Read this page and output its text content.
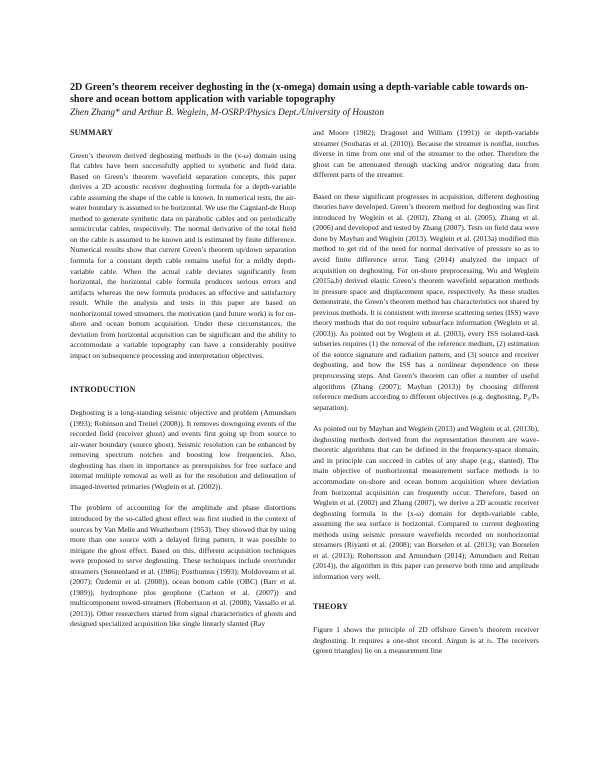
2D Green’s theorem receiver deghosting in the (x-omega) domain using a depth-variable cable towards on-shore and ocean bottom application with variable topography

Zhen Zhang* and Arthur B. Weglein, M-OSRP/Physics Dept./University of Houston

SUMMARY

Green’s theorem derived deghosting methods in the (x-ω) domain using flat cables have been successfully applied to synthetic and field data. Based on Green’s theorem wavefield separation concepts, this paper derives a 2D acoustic receiver deghosting formula for a depth-variable cable assuming the shape of the cable is known. In numerical tests, the air-water boundary is assumed to be horizontal. We use the Cagniard-de Hoop method to generate synthetic data on parabolic cables and on periodically semicircular cables, respectively. The normal derivative of the total field on the cable is assumed to be known and is estimated by finite difference. Numerical results show that current Green’s theorem up/down separation formula for a constant depth cable remains useful for a mildly depth-variable cable. When the actual cable deviates significantly from horizontal, the horizontal cable formula produces serious errors and artifacts whereas the new formula produces an effective and satisfactory result. While the analysis and tests in this paper are based on nonhorizontal towed streamers, the motivation (and future work) is for on-shore and ocean bottom acquisition. Under these circumstances, the deviation from horizontal acquisition can be significant and the ability to accommodate a variable topography can have a considerably positive impact on subsequence processing and interpretation objectives.

INTRODUCTION

Deghosting is a long-standing seismic objective and problem (Amundsen (1993); Robinson and Treitel (2008)). It removes downgoing events of the recorded field (receiver ghost) and events first going up from source to air-water boundary (source ghost). Seismic resolution can be enhanced by removing spectrum notches and boosting low frequencies. Also, deghosting has risen in importance as prerequisites for free surface and internal multiple removal as well as for the resolution and delineation of imaged-inverted primaries (Weglein et al. (2002)).

The problem of accounting for the amplitude and phase distortions introduced by the so-called ghost effect was first studied in the context of sources by Van Melle and Weatherburn (1953). They showed that by using more than one source with a delayed firing pattern, it was possible to mitigate the ghost effect. Based on this, different acquisition techniques were proposed to serve deghosting. These techniques include over/under streamers (Sennenland et al. (1986); Posthumus (1993); Moldoveanu et al. (2007); Özdemir et al. (2008)), ocean bottom cable (OBC) (Barr et al. (1989)), hydrophone plus geophone (Carlson et al. (2007)) and multicomponent towed-streamers (Robertsson et al. (2008); Vassallo et al. (2013)). Other researchers started from signal characteristics of ghosts and designed specialized acquisition like single linearly slanted (Ray

and Moore (1982); Dragoset and William (1991)) or depth-variable streamer (Soubaras et al. (2010)). Because the streamer is nonflat, notches diverse in time from one end of the streamer to the other. Therefore the ghost can be attenuated through stacking and/or migrating data from different parts of the streamer.

Based on these significant progresses in acquisition, different deghosting theories have developed. Green’s theorem method for deghosting was first introduced by Weglein et al. (2002), Zhang et al. (2005), Zhang et al. (2006) and developed and tested by Zhang (2007). Tests on field data were done by Mayhan and Weglein (2013). Weglein et al. (2013a) modified this method to get rid of the need for normal derivative of pressure so as to avoid finite difference error. Tang (2014) analyzed the impact of acquisition on deghosting. For on-shore preprocessing, Wu and Weglein (2015a,b) derived elastic Green’s theorem wavefield separation methods in pressure space and displacement space, respectively. As these studies demonstrate, the Green’s theorem method has characteristics not shared by previous methods. It is consistent with inverse scattering series (ISS) wave theory methods that do not require subsurface information (Weglein et al. (2003)). As pointed out by Weglein et al. (2003), every ISS isolated-task subseries requires (1) the removal of the reference medium, (2) estimation of the source signature and radiation pattern, and (3) source and receiver deghosting, and how the ISS has a nonlinear dependence on these preprocessing steps. And Green’s theorem can offer a number of useful algorithms (Zhang (2007); Mayhan (2013)) by choosing different reference medium according to different objectives (e.g. deghosting, P₀/Pₛ separation).

As pointed out by Mayhan and Weglein (2013) and Weglein et al. (2013b), deghosting methods derived from the representation theorem are wave-theoretic algorithms that can be defined in the frequency-space domain, and in principle can succeed in cables of any shape (e.g., slanted). The main objective of nonhorizontal measurement surface methods is to accommodate on-shore and ocean bottom acquisition where deviation from horizontal acquisition can frequently occur. Therefore, based on Weglein et al. (2002) and Zhang (2007), we derive a 2D acoustic receiver deghosting formula in the (x-ω) domain for depth-variable cable, assuming the sea surface is horizontal. Compared to current deghosting methods using seismic pressure wavefields recorded on nonhorizontal streamers (Riyanti et al. (2008); van Borselen et al. (2013); van Borselen et al. (2013); Robertsson and Amundsen (2014); Amundsen and Reitan (2014)), the algorithm in this paper can preserve both time and amplitude information very well.

THEORY

Figure 1 shows the principle of 2D offshore Green’s theorem receiver deghosting. It requires a one-shot record. Airgun is at rₛ. The receivers (green triangles) lie on a measurement line
